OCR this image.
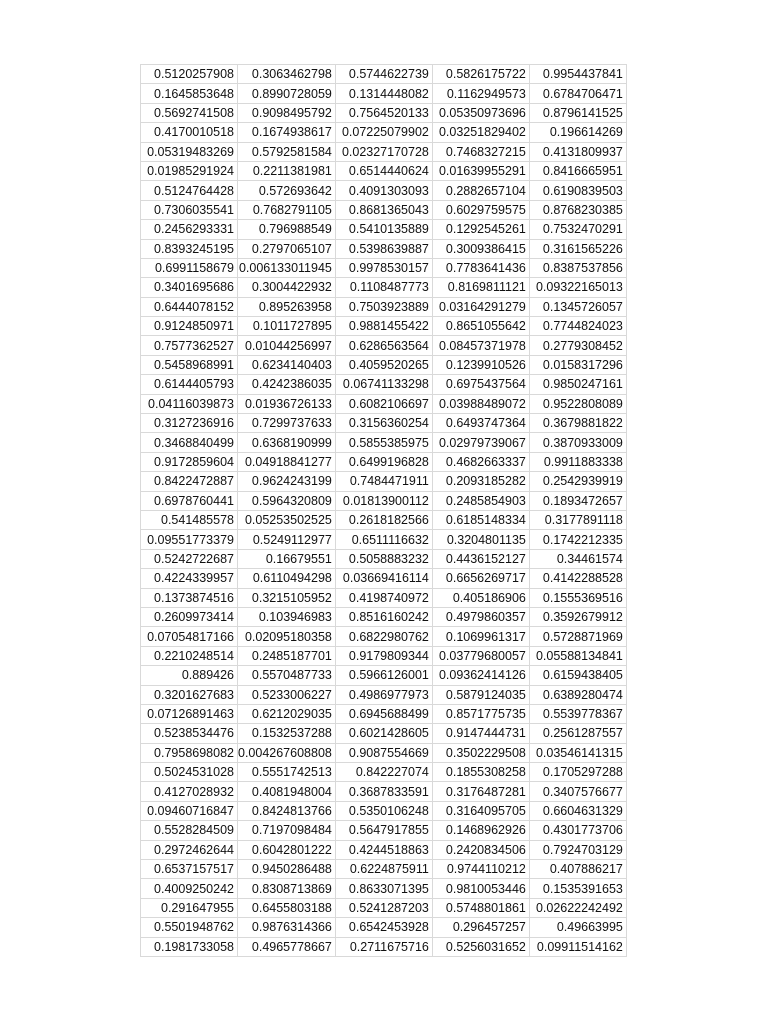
0.5120257908	0.3063462798	0.5744622739	0.5826175722	0.9954437841
0.1645853648	0.8990728059	0.1314448082	0.1162949573	0.6784706471
0.5692741508	0.9098495792	0.7564520133	0.05350973696	0.8796141525
0.4170010518	0.1674938617	0.07225079902	0.03251829402	0.196614269
0.05319483269	0.5792581584	0.02327170728	0.7468327215	0.4131809937
0.01985291924	0.2211381981	0.6514440624	0.01639955291	0.8416665951
0.5124764428	0.572693642	0.4091303093	0.2882657104	0.6190839503
0.7306035541	0.7682791105	0.8681365043	0.6029759575	0.8768230385
0.2456293331	0.796988549	0.5410135889	0.1292545261	0.7532470291
0.8393245195	0.2797065107	0.5398639887	0.3009386415	0.3161565226
0.6991158679	0.006133011945	0.9978530157	0.7783641436	0.8387537856
0.3401695686	0.3004422932	0.1108487773	0.8169811121	0.09322165013
0.6444078152	0.895263958	0.7503923889	0.03164291279	0.1345726057
0.9124850971	0.1011727895	0.9881455422	0.8651055642	0.7744824023
0.7577362527	0.01044256997	0.6286563564	0.08457371978	0.2779308452
0.5458968991	0.6234140403	0.4059520265	0.1239910526	0.0158317296
0.6144405793	0.4242386035	0.06741133298	0.6975437564	0.9850247161
0.04116039873	0.01936726133	0.6082106697	0.03988489072	0.9522808089
0.3127236916	0.7299737633	0.3156360254	0.6493747364	0.3679881822
0.3468840499	0.6368190999	0.5855385975	0.02979739067	0.3870933009
0.9172859604	0.04918841277	0.6499196828	0.4682663337	0.9911883338
0.8422472887	0.9624243199	0.7484471911	0.2093185282	0.2542939919
0.6978760441	0.5964320809	0.01813900112	0.2485854903	0.1893472657
0.541485578	0.05253502525	0.2618182566	0.6185148334	0.3177891118
0.09551773379	0.5249112977	0.6511116632	0.3204801135	0.1742212335
0.5242722687	0.16679551	0.5058883232	0.4436152127	0.34461574
0.4224339957	0.6110494298	0.03669416114	0.6656269717	0.4142288528
0.1373874516	0.3215105952	0.4198740972	0.405186906	0.1555369516
0.2609973414	0.103946983	0.8516160242	0.4979860357	0.3592679912
0.07054817166	0.02095180358	0.6822980762	0.1069961317	0.5728871969
0.2210248514	0.2485187701	0.9179809344	0.03779680057	0.05588134841
0.889426	0.5570487733	0.5966126001	0.09362414126	0.6159438405
0.3201627683	0.5233006227	0.4986977973	0.5879124035	0.6389280474
0.07126891463	0.6212029035	0.6945688499	0.8571775735	0.5539778367
0.5238534476	0.1532537288	0.6021428605	0.9147444731	0.2561287557
0.7958698082	0.004267608808	0.9087554669	0.3502229508	0.03546141315
0.5024531028	0.5551742513	0.842227074	0.1855308258	0.1705297288
0.4127028932	0.4081948004	0.3687833591	0.3176487281	0.3407576677
0.09460716847	0.8424813766	0.5350106248	0.3164095705	0.6604631329
0.5528284509	0.7197098484	0.5647917855	0.1468962926	0.4301773706
0.2972462644	0.6042801222	0.4244518863	0.2420834506	0.7924703129
0.6537157517	0.9450286488	0.6224875911	0.9744110212	0.407886217
0.4009250242	0.8308713869	0.8633071395	0.9810053446	0.1535391653
0.291647955	0.6455803188	0.5241287203	0.5748801861	0.02622242492
0.5501948762	0.9876314366	0.6542453928	0.296457257	0.49663995
0.1981733058	0.4965778667	0.2711675716	0.5256031652	0.09911514162
